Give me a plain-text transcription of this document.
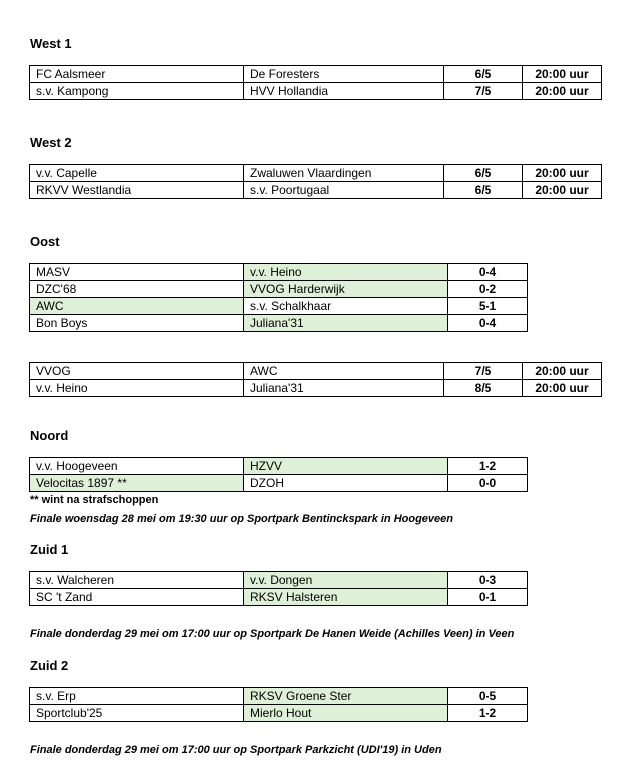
West 1
FC Aalsmeer	De Foresters	6/5	20:00 uur
s.v. Kampong	HVV Hollandia	7/5	20:00 uur
West 2
v.v. Capelle	Zwaluwen Vlaardingen	6/5	20:00 uur
RKVV Westlandia	s.v. Poortugaal	6/5	20:00 uur
Oost
MASV	v.v. Heino	0-4
DZC'68	VVOG Harderwijk	0-2
AWC	s.v. Schalkhaar	5-1
Bon Boys	Juliana'31	0-4
VVOG	AWC	7/5	20:00 uur
v.v. Heino	Juliana'31	8/5	20:00 uur
Noord
v.v. Hoogeveen	HZVV	1-2
Velocitas 1897 **	DZOH	0-0
** wint na strafschoppen
Finale woensdag 28 mei om 19:30 uur op Sportpark Bentinckspark in Hoogeveen
Zuid 1
s.v. Walcheren	v.v. Dongen	0-3
SC 't Zand	RKSV Halsteren	0-1
Finale donderdag 29 mei om 17:00 uur op Sportpark De Hanen Weide (Achilles Veen) in Veen
Zuid 2
s.v. Erp	RKSV Groene Ster	0-5
Sportclub'25	Mierlo Hout	1-2
Finale donderdag 29 mei om 17:00 uur op Sportpark Parkzicht (UDI'19) in Uden
